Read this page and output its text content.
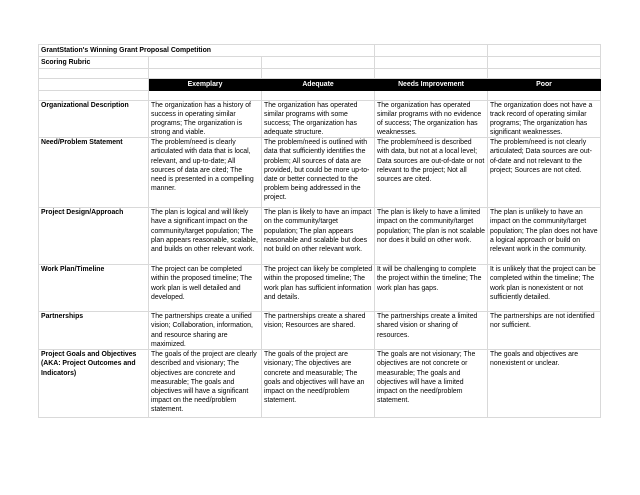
GrantStation's Winning Grant Proposal Competition				
Scoring Rubric				

	Exemplary	Adequate	Needs Improvement	Poor

Organizational Description	The organization has a history of success in operating similar programs; The organization is strong and viable.	The organization has operated similar programs with some success; The organization has adequate structure.	The organization has operated similar programs with no evidence of success; The organization has weaknesses.	The organization does not have a track record of operating similar programs; The organization has significant weaknesses.
Need/Problem Statement	The problem/need is clearly articulated with data that is local, relevant, and up-to-date; All sources of data are cited; The need is presented in a compelling manner.	The problem/need is outlined with data that sufficiently identifies the problem; All sources of data are provided, but could be more up-to-date or better connected to the problem being addressed in the project.	The problem/need is described with data, but not at a local level; Data sources are out-of-date or not relevant to the project; Not all sources are cited.	The problem/need is not clearly articulated; Data sources are out-of-date and not relevant to the project; Sources are not cited.
Project Design/Approach	The plan is logical and will likely have a significant impact on the community/target population; The plan appears reasonable, scalable, and builds on other relevant work.	The plan is likely to have an impact on the community/target population; The plan appears reasonable and scalable but does not build on other relevant work.	The plan is likely to have a limited impact on the community/target population; The plan is not scalable nor does it build on other work.	The plan is unlikely to have an impact on the community/target population; The plan does not have a logical approach or build on relevant work in the community.
Work Plan/Timeline	The project can be completed within the proposed timeline; The work plan is well detailed and developed.	The project can likely be completed within the proposed timeline; The work plan has sufficient information and details.	It will be challenging to complete the project within the timeline; The work plan has gaps.	It is unlikely that the project can be completed within the timeline; The work plan is nonexistent or not sufficiently detailed.
Partnerships	The partnerships create a unified vision; Collaboration, information, and resource sharing are maximized.	The partnerships create a shared vision; Resources are shared.	The partnerships create a limited shared vision or sharing of resources.	The partnerships are not identified nor sufficient.
Project Goals and Objectives (AKA: Project Outcomes and Indicators)	The goals of the project are clearly described and visionary; The objectives are concrete and measurable; The goals and objectives will have a significant impact on the need/problem statement.	The goals of the project are visionary; The objectives are concrete and measurable; The goals and objectives will have an impact on the need/problem statement.	The goals are not visionary; The objectives are not concrete or measurable; The goals and objectives will have a limited impact on the need/problem statement.	The goals and objectives are nonexistent or unclear.
